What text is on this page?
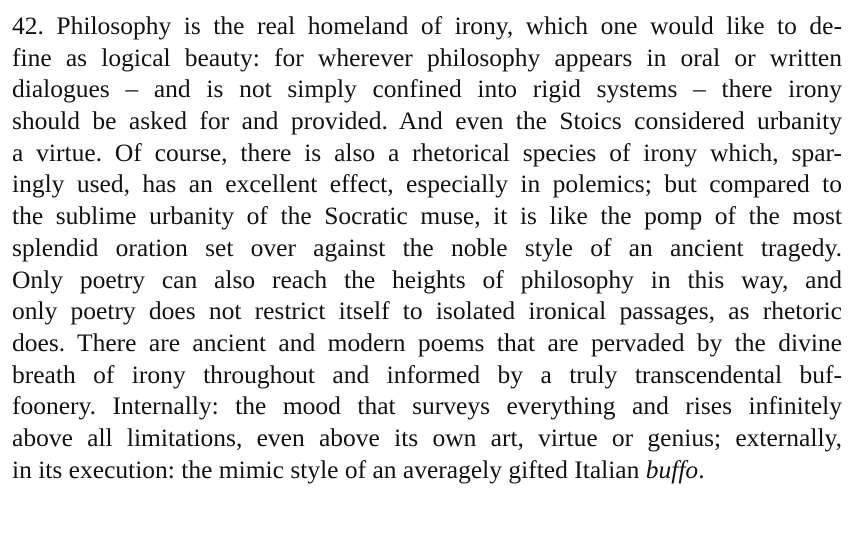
42. Philosophy is the real homeland of irony, which one would like to de-
fine as logical beauty: for wherever philosophy appears in oral or written
dialogues – and is not simply confined into rigid systems – there irony
should be asked for and provided. And even the Stoics considered urbanity
a virtue. Of course, there is also a rhetorical species of irony which, spar-
ingly used, has an excellent effect, especially in polemics; but compared to
the sublime urbanity of the Socratic muse, it is like the pomp of the most
splendid oration set over against the noble style of an ancient tragedy.
Only poetry can also reach the heights of philosophy in this way, and
only poetry does not restrict itself to isolated ironical passages, as rhetoric
does. There are ancient and modern poems that are pervaded by the divine
breath of irony throughout and informed by a truly transcendental buf-
foonery. Internally: the mood that surveys everything and rises infinitely
above all limitations, even above its own art, virtue or genius; externally,
in its execution: the mimic style of an averagely gifted Italian buffo.
